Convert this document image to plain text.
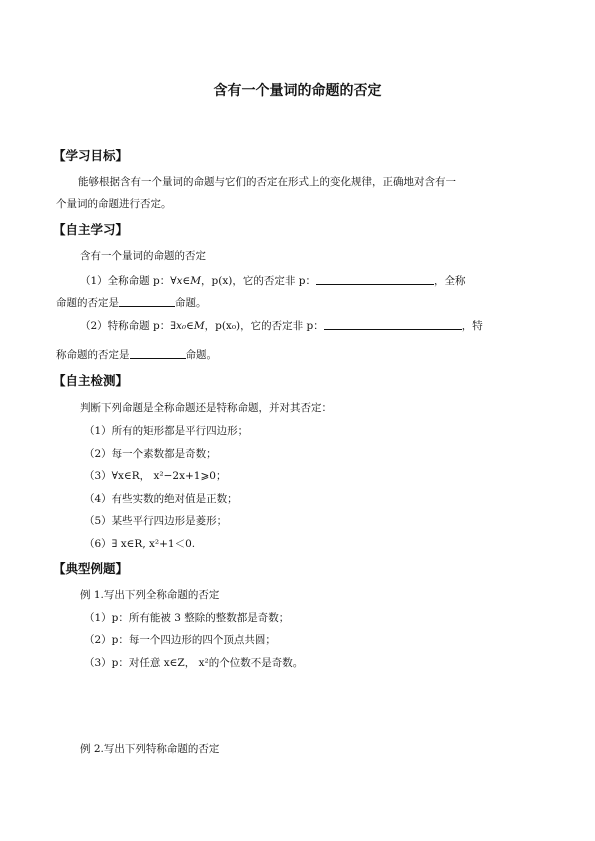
含有一个量词的命题的否定
【学习目标】
能够根据含有一个量词的命题与它们的否定在形式上的变化规律，正确地对含有一
个量词的命题进行否定。
【自主学习】
含有一个量词的命题的否定
（1）全称命题 p：∀x∈M，p(x)，它的否定非 p：	，全称
命题的否定是	命题。
（2）特称命题 p：∃x₀∈M，p(x₀)，它的否定非 p：	，特
称命题的否定是	命题。
【自主检测】
判断下列命题是全称命题还是特称命题，并对其否定：
（1）所有的矩形都是平行四边形；
（2）每一个素数都是奇数；
（3）∀x∈R， x²−2x+1⩾0；
（4）有些实数的绝对值是正数；
（5）某些平行四边形是菱形；
（6）∃ x∈R, x²+1＜0.
【典型例题】
例 1.写出下列全称命题的否定
（1）p：所有能被 3 整除的整数都是奇数；
（2）p：每一个四边形的四个顶点共圆；
（3）p：对任意 x∈Z， x²的个位数不是奇数。
例 2.写出下列特称命题的否定
